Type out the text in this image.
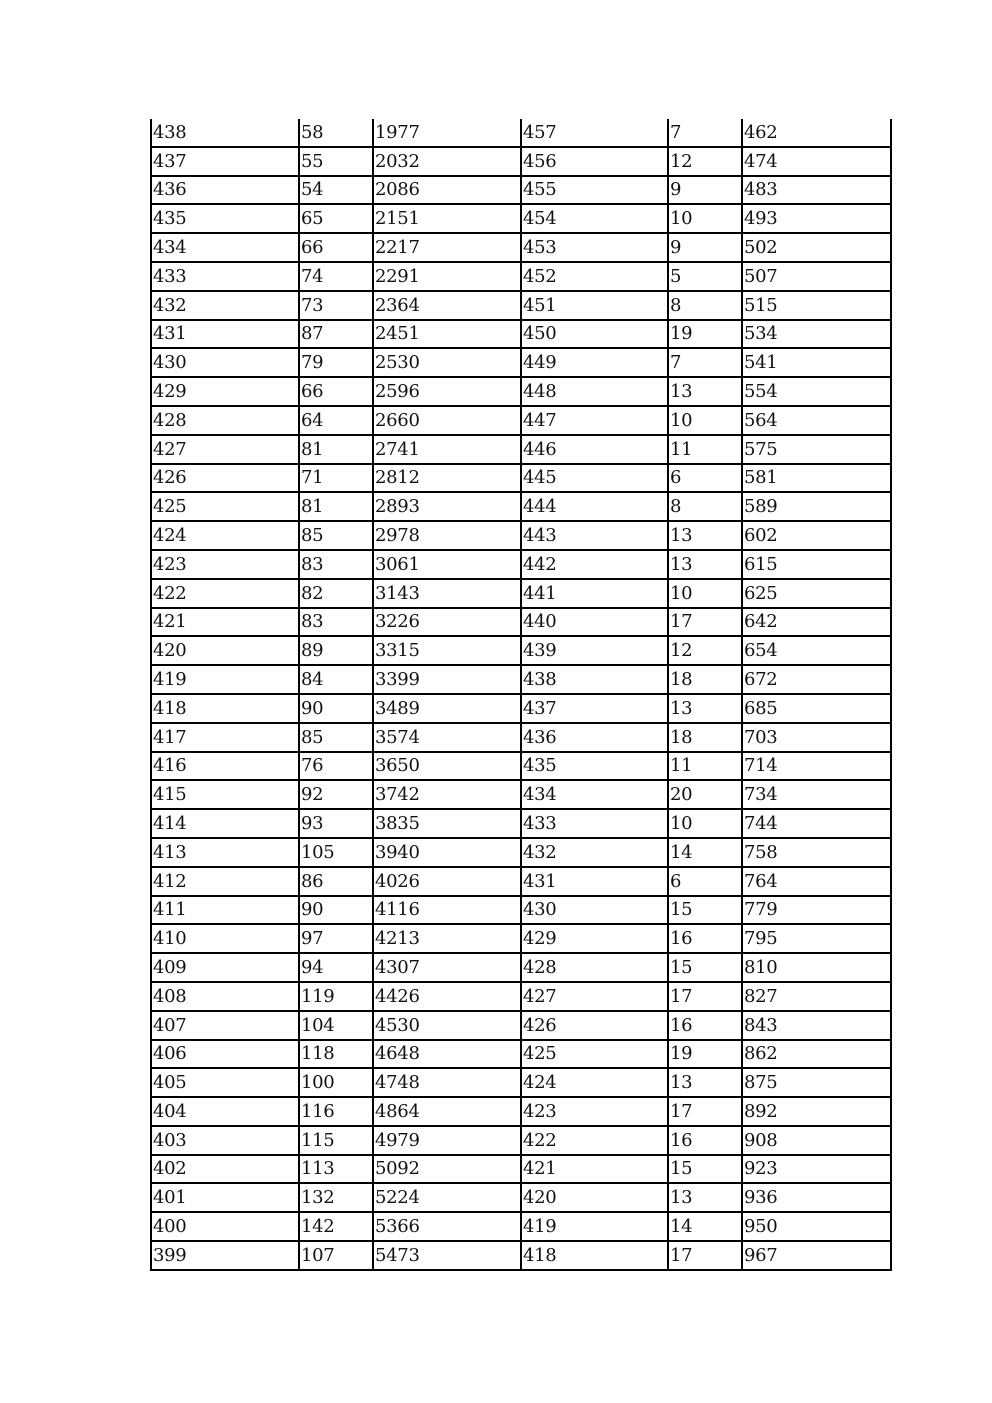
438	58	1977	457	7	462
437	55	2032	456	12	474
436	54	2086	455	9	483
435	65	2151	454	10	493
434	66	2217	453	9	502
433	74	2291	452	5	507
432	73	2364	451	8	515
431	87	2451	450	19	534
430	79	2530	449	7	541
429	66	2596	448	13	554
428	64	2660	447	10	564
427	81	2741	446	11	575
426	71	2812	445	6	581
425	81	2893	444	8	589
424	85	2978	443	13	602
423	83	3061	442	13	615
422	82	3143	441	10	625
421	83	3226	440	17	642
420	89	3315	439	12	654
419	84	3399	438	18	672
418	90	3489	437	13	685
417	85	3574	436	18	703
416	76	3650	435	11	714
415	92	3742	434	20	734
414	93	3835	433	10	744
413	105	3940	432	14	758
412	86	4026	431	6	764
411	90	4116	430	15	779
410	97	4213	429	16	795
409	94	4307	428	15	810
408	119	4426	427	17	827
407	104	4530	426	16	843
406	118	4648	425	19	862
405	100	4748	424	13	875
404	116	4864	423	17	892
403	115	4979	422	16	908
402	113	5092	421	15	923
401	132	5224	420	13	936
400	142	5366	419	14	950
399	107	5473	418	17	967
